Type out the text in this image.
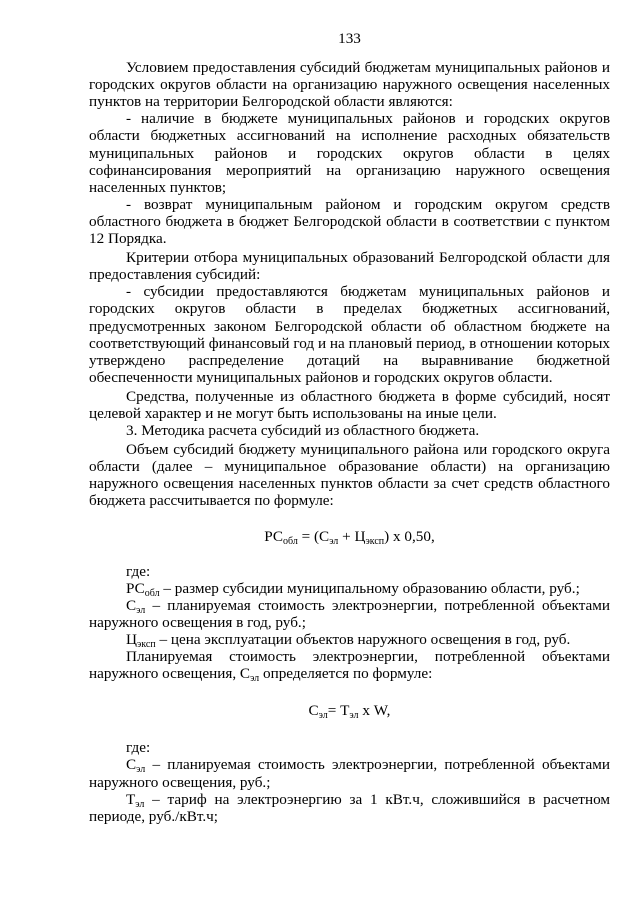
133

Условием предоставления субсидий бюджетам муниципальных районов и городских округов области на организацию наружного освещения населенных пунктов на территории Белгородской области являются:

- наличие в бюджете муниципальных районов и городских округов области бюджетных ассигнований на исполнение расходных обязательств муниципальных районов и городских округов области в целях софинансирования мероприятий на организацию наружного освещения населенных пунктов;

- возврат муниципальным районом и городским округом средств областного бюджета в бюджет Белгородской области в соответствии с пунктом 12 Порядка.

Критерии отбора муниципальных образований Белгородской области для предоставления субсидий:

- субсидии предоставляются бюджетам муниципальных районов и городских округов области в пределах бюджетных ассигнований, предусмотренных законом Белгородской области об областном бюджете на соответствующий финансовый год и на плановый период, в отношении которых утверждено распределение дотаций на выравнивание бюджетной обеспеченности муниципальных районов и городских округов области.

Средства, полученные из областного бюджета в форме субсидий, носят целевой характер и не могут быть использованы на иные цели.

3. Методика расчета субсидий из областного бюджета.

Объем субсидий бюджету муниципального района или городского округа области (далее – муниципальное образование области) на организацию наружного освещения населенных пунктов области за счет средств областного бюджета рассчитывается по формуле:

$РС_{обл} = (С_{эл} + Ц_{эксп})$ х 0,50,

где:

$РС_{обл}$ – размер субсидии муниципальному образованию области, руб.;

$С_{эл}$ – планируемая стоимость электроэнергии, потребленной объектами наружного освещения в год, руб.;

$Ц_{эксп}$ – цена эксплуатации объектов наружного освещения в год, руб.

Планируемая стоимость электроэнергии, потребленной объектами наружного освещения, $С_{эл}$ определяется по формуле:

$С_{эл}= Т_{эл}$ х W,

где:

$С_{эл}$ – планируемая стоимость электроэнергии, потребленной объектами наружного освещения, руб.;

$Т_{эл}$ – тариф на электроэнергию за 1 кВт.ч, сложившийся в расчетном периоде, руб./кВт.ч;
